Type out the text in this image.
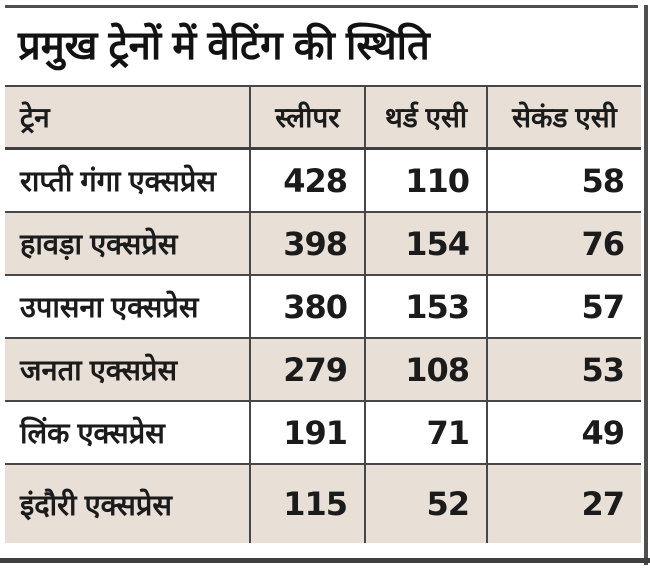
प्रमुख ट्रेनों में वेटिंग की स्थिति
ट्रेन	स्लीपर	थर्ड एसी	सेकंड एसी
राप्ती गंगा एक्सप्रेस	428	110	58
हावड़ा एक्सप्रेस	398	154	76
उपासना एक्सप्रेस	380	153	57
जनता एक्सप्रेस	279	108	53
लिंक एक्सप्रेस	191	71	49
इंदौरी एक्सप्रेस	115	52	27
